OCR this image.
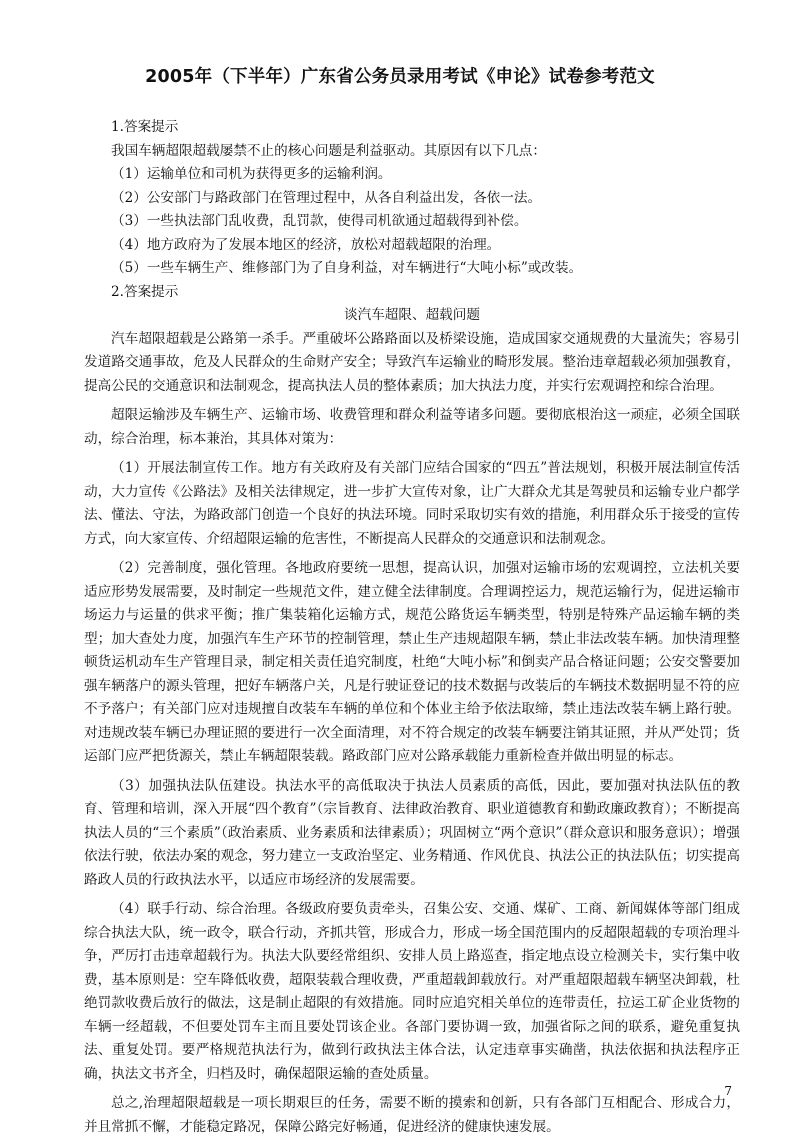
2005年（下半年）广东省公务员录用考试《申论》试卷参考范文

1.答案提示

我国车辆超限超载屡禁不止的核心问题是利益驱动。其原因有以下几点：

（1）运输单位和司机为获得更多的运输利润。

（2）公安部门与路政部门在管理过程中，从各自利益出发，各依一法。

（3）一些执法部门乱收费，乱罚款，使得司机欲通过超载得到补偿。

（4）地方政府为了发展本地区的经济，放松对超载超限的治理。

（5）一些车辆生产、维修部门为了自身利益，对车辆进行“大吨小标”或改装。

2.答案提示

谈汽车超限、超载问题

汽车超限超载是公路第一杀手。严重破坏公路路面以及桥梁设施，造成国家交通规费的大量流失；容易引发道路交通事故，危及人民群众的生命财产安全；导致汽车运输业的畸形发展。整治违章超载必须加强教育，提高公民的交通意识和法制观念，提高执法人员的整体素质；加大执法力度，并实行宏观调控和综合治理。

超限运输涉及车辆生产、运输市场、收费管理和群众利益等诸多问题。要彻底根治这一顽症，必须全国联动，综合治理，标本兼治，其具体对策为：

（1）开展法制宣传工作。地方有关政府及有关部门应结合国家的“四五”普法规划，积极开展法制宣传活动，大力宣传《公路法》及相关法律规定，进一步扩大宣传对象，让广大群众尤其是驾驶员和运输专业户都学法、懂法、守法，为路政部门创造一个良好的执法环境。同时采取切实有效的措施，利用群众乐于接受的宣传方式，向大家宣传、介绍超限运输的危害性，不断提高人民群众的交通意识和法制观念。

（2）完善制度，强化管理。各地政府要统一思想，提高认识，加强对运输市场的宏观调控，立法机关要适应形势发展需要，及时制定一些规范文件，建立健全法律制度。合理调控运力，规范运输行为，促进运输市场运力与运量的供求平衡；推广集装箱化运输方式，规范公路货运车辆类型，特别是特殊产品运输车辆的类型；加大查处力度，加强汽车生产环节的控制管理，禁止生产违规超限车辆，禁止非法改装车辆。加快清理整顿货运机动车生产管理目录，制定相关责任追究制度，杜绝“大吨小标”和倒卖产品合格证问题；公安交警要加强车辆落户的源头管理，把好车辆落户关，凡是行驶证登记的技术数据与改装后的车辆技术数据明显不符的应不予落户；有关部门应对违规擅自改装车车辆的单位和个体业主给予依法取缔，禁止违法改装车辆上路行驶。对违规改装车辆已办理证照的要进行一次全面清理，对不符合规定的改装车辆要注销其证照，并从严处罚；货运部门应严把货源关，禁止车辆超限装载。路政部门应对公路承载能力重新检查并做出明显的标志。

（3）加强执法队伍建设。执法水平的高低取决于执法人员素质的高低，因此，要加强对执法队伍的教育、管理和培训，深入开展“四个教育”（宗旨教育、法律政治教育、职业道德教育和勤政廉政教育）；不断提高执法人员的“三个素质”（政治素质、业务素质和法律素质）；巩固树立“两个意识”（群众意识和服务意识）；增强依法行驶，依法办案的观念，努力建立一支政治坚定、业务精通、作风优良、执法公正的执法队伍；切实提高路政人员的行政执法水平，以适应市场经济的发展需要。

（4）联手行动、综合治理。各级政府要负责牵头，召集公安、交通、煤矿、工商、新闻媒体等部门组成综合执法大队，统一政令，联合行动，齐抓共管，形成合力，形成一场全国范围内的反超限超载的专项治理斗争，严厉打击违章超载行为。执法大队要经常组织、安排人员上路巡查，指定地点设立检测关卡，实行集中收费，基本原则是：空车降低收费，超限装载合理收费，严重超载卸载放行。对严重超限超载车辆坚决卸载，杜绝罚款收费后放行的做法，这是制止超限的有效措施。同时应追究相关单位的连带责任，拉运工矿企业货物的车辆一经超载，不但要处罚车主而且要处罚该企业。各部门要协调一致，加强省际之间的联系，避免重复执法、重复处罚。要严格规范执法行为，做到行政执法主体合法，认定违章事实确凿，执法依据和执法程序正确，执法文书齐全，归档及时，确保超限运输的查处质量。

总之,治理超限超载是一项长期艰巨的任务，需要不断的摸索和创新，只有各部门互相配合、形成合力，并且常抓不懈，才能稳定路况，保障公路完好畅通，促进经济的健康快速发展。

7
